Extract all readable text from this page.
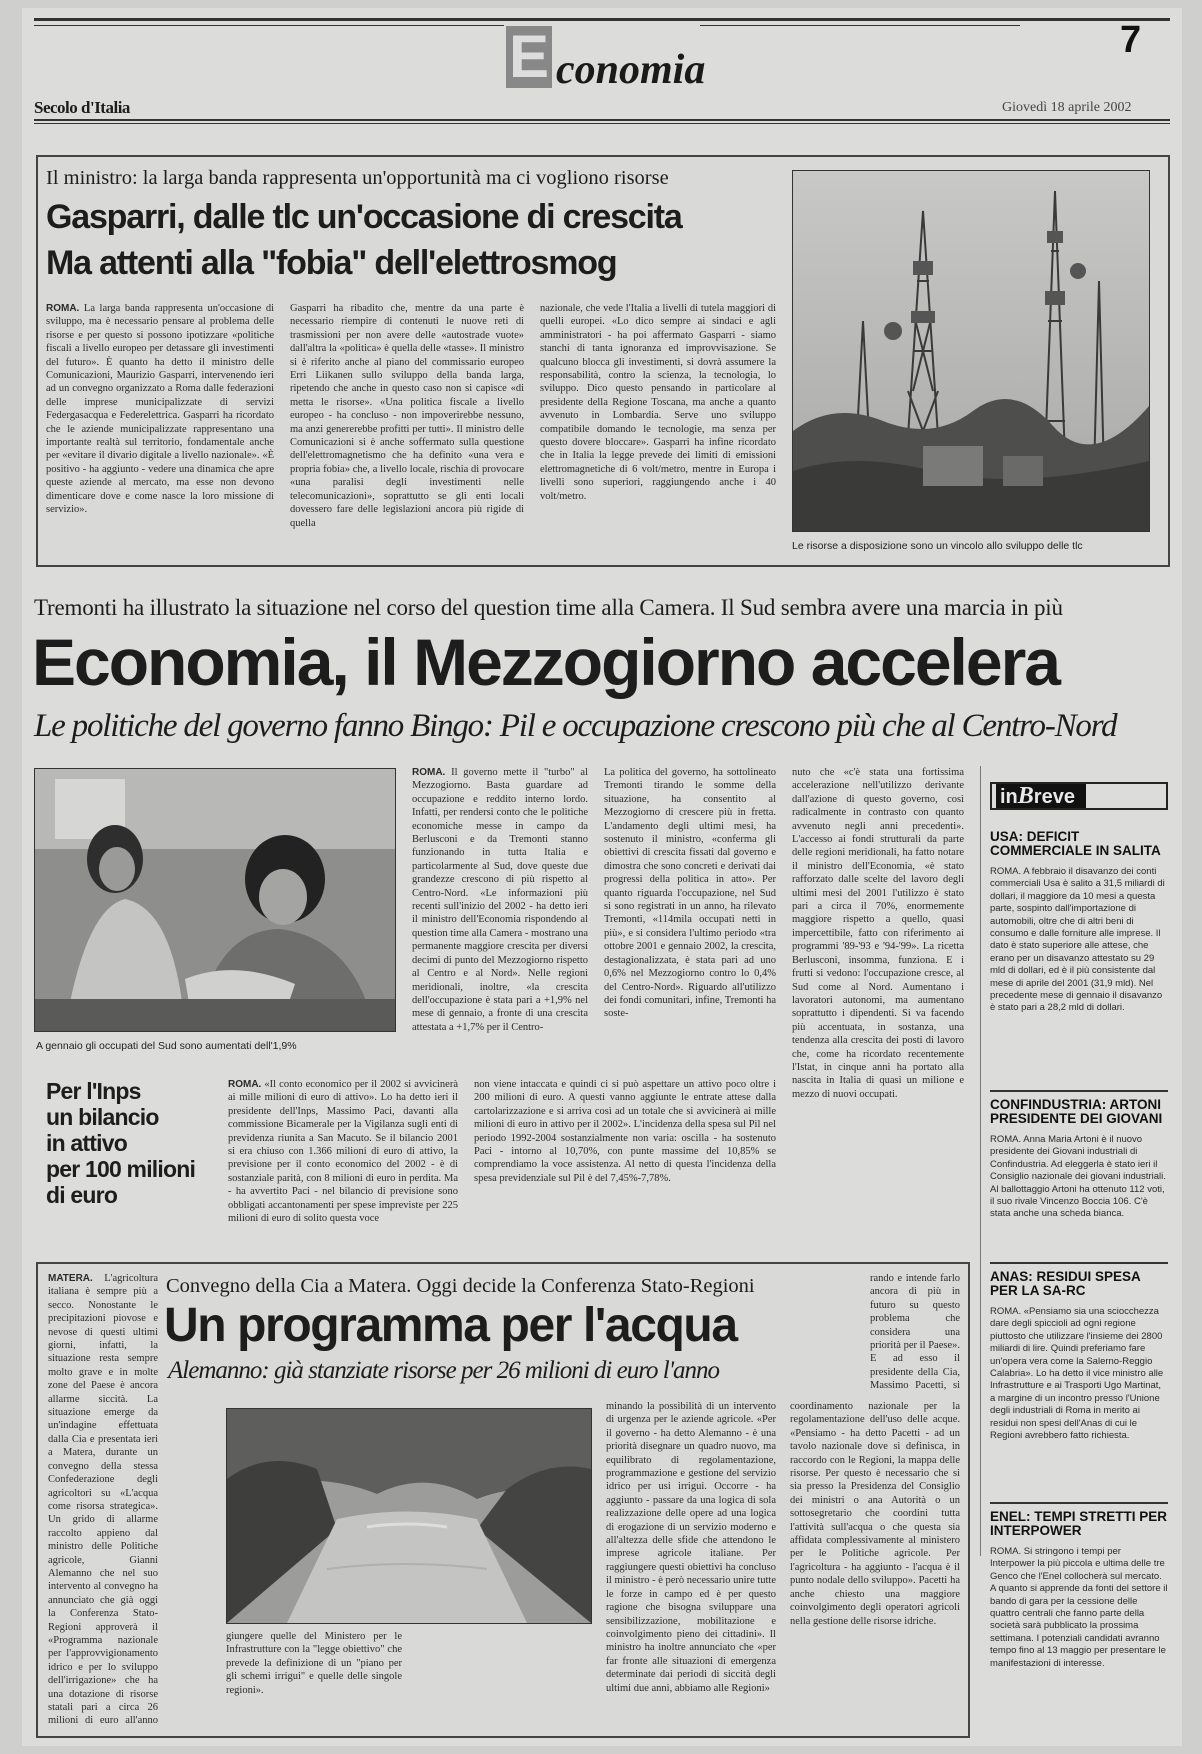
E conomia
7
Secolo d'Italia	Giovedì 18 aprile 2002
Il ministro: la larga banda rappresenta un'opportunità ma ci vogliono risorse
Gasparri, dalle tlc un'occasione di crescita
Ma attenti alla "fobia" dell'elettrosmog
ROMA. La larga banda rappresenta un'occasione di sviluppo, ma è necessario pensare al problema delle risorse e per questo si possono ipotizzare «politiche fiscali a livello europeo per detassare gli investimenti del futuro». È quanto ha detto il ministro delle Comunicazioni, Maurizio Gasparri, intervenendo ieri ad un convegno organizzato a Roma dalle federazioni delle imprese municipalizzate di servizi Federgasacqua e Federelettrica. Gasparri ha ricordato che le aziende municipalizzate rappresentano una importante realtà sul territorio, fondamentale anche per «evitare il divario digitale a livello nazionale». «È positivo - ha aggiunto - vedere una dinamica che apre queste aziende al mercato, ma esse non devono dimenticare dove e come nasce la loro missione di servizio».
Gasparri ha ribadito che, mentre da una parte è necessario riempire di contenuti le nuove reti di trasmissioni per non avere delle «autostrade vuote» dall'altra la «politica» è quella delle «tasse». Il ministro si è riferito anche al piano del commissario europeo Erri Liikanen sullo sviluppo della banda larga, ripetendo che anche in questo caso non si capisce «di metta le risorse». «Una politica fiscale a livello europeo - ha concluso - non impoverirebbe nessuno, ma anzi genererebbe profitti per tutti». Il ministro delle Comunicazioni si è anche soffermato sulla questione dell'elettromagnetismo che ha definito «una vera e propria fobia» che, a livello locale, rischia di provocare «una paralisi degli investimenti nelle telecomunicazioni», soprattutto se gli enti locali dovessero fare delle legislazioni ancora più rigide di quella
nazionale, che vede l'Italia a livelli di tutela maggiori di quelli europei. «Lo dico sempre ai sindaci e agli amministratori - ha poi affermato Gasparri - siamo stanchi di tanta ignoranza ed improvvisazione. Se qualcuno blocca gli investimenti, si dovrà assumere la responsabilità, contro la scienza, la tecnologia, lo sviluppo. Dico questo pensando in particolare al presidente della Regione Toscana, ma anche a quanto avvenuto in Lombardia. Serve uno sviluppo compatibile domando le tecnologie, ma senza per questo dovere bloccare». Gasparri ha infine ricordato che in Italia la legge prevede dei limiti di emissioni elettromagnetiche di 6 volt/metro, mentre in Europa i livelli sono superiori, raggiungendo anche i 40 volt/metro.
Le risorse a disposizione sono un vincolo allo sviluppo delle tlc
Tremonti ha illustrato la situazione nel corso del question time alla Camera. Il Sud sembra avere una marcia in più
Economia, il Mezzogiorno accelera
Le politiche del governo fanno Bingo: Pil e occupazione crescono più che al Centro-Nord
A gennaio gli occupati del Sud sono aumentati dell'1,9%
ROMA. Il governo mette il "turbo" al Mezzogiorno. Basta guardare ad occupazione e reddito interno lordo. Infatti, per rendersi conto che le politiche economiche messe in campo da Berlusconi e da Tremonti stanno funzionando in tutta Italia e particolarmente al Sud, dove queste due grandezze crescono di più rispetto al Centro-Nord. «Le informazioni più recenti sull'inizio del 2002 - ha detto ieri il ministro dell'Economia rispondendo al question time alla Camera - mostrano una permanente maggiore crescita per diversi decimi di punto del Mezzogiorno rispetto al Centro e al Nord». Nelle regioni meridionali, inoltre, «la crescita dell'occupazione è stata pari a +1,9% nel mese di gennaio, a fronte di una crescita attestata a +1,7% per il Centro-
La politica del governo, ha sottolineato Tremonti tirando le somme della situazione, ha consentito al Mezzogiorno di crescere più in fretta. L'andamento degli ultimi mesi, ha sostenuto il ministro, «conferma gli obiettivi di crescita fissati dal governo e dimostra che sono concreti e derivati dai progressi della politica in atto». Per quanto riguarda l'occupazione, nel Sud si sono registrati in un anno, ha rilevato Tremonti, «114mila occupati netti in più», e si considera l'ultimo periodo «tra ottobre 2001 e gennaio 2002, la crescita, destagionalizzata, è stata pari ad uno 0,6% nel Mezzogiorno contro lo 0,4% del Centro-Nord». Riguardo all'utilizzo dei fondi comunitari, infine, Tremonti ha soste-
nuto che «c'è stata una fortissima accelerazione nell'utilizzo derivante dall'azione di questo governo, così radicalmente in contrasto con quanto avvenuto negli anni precedenti». L'accesso ai fondi strutturali da parte delle regioni meridionali, ha fatto notare il ministro dell'Economia, «è stato rafforzato dalle scelte del lavoro degli ultimi mesi del 2001 l'utilizzo è stato pari a circa il 70%, enormemente maggiore rispetto a quello, quasi impercettibile, fatto con riferimento ai programmi '89-'93 e '94-'99». La ricetta Berlusconi, insomma, funziona. E i frutti si vedono: l'occupazione cresce, al Sud come al Nord. Aumentano i lavoratori autonomi, ma aumentano soprattutto i dipendenti. Si va facendo più accentuata, in sostanza, una tendenza alla crescita dei posti di lavoro che, come ha ricordato recentemente l'Istat, in cinque anni ha portato alla nascita in Italia di quasi un milione e mezzo di nuovi occupati.
Per l'Inps
un bilancio
in attivo
per 100 milioni
di euro
ROMA. «Il conto economico per il 2002 si avvicinerà ai mille milioni di euro di attivo». Lo ha detto ieri il presidente dell'Inps, Massimo Paci, davanti alla commissione Bicamerale per la Vigilanza sugli enti di previdenza riunita a San Macuto. Se il bilancio 2001 si era chiuso con 1.366 milioni di euro di attivo, la previsione per il conto economico del 2002 - è di sostanziale parità, con 8 milioni di euro in perdita. Ma - ha avvertito Paci - nel bilancio di previsione sono obbligati accantonamenti per spese impreviste per 225 milioni di euro di solito questa voce
non viene intaccata e quindi ci si può aspettare un attivo poco oltre i 200 milioni di euro. A questi vanno aggiunte le entrate attese dalla cartolarizzazione e si arriva così ad un totale che si avvicinerà ai mille milioni di euro in attivo per il 2002». L'incidenza della spesa sul Pil nel periodo 1992-2004 sostanzialmente non varia: oscilla - ha sostenuto Paci - intorno al 10,70%, con punte massime del 10,85% se comprendiamo la voce assistenza. Al netto di questa l'incidenza della spesa previdenziale sul Pil è del 7,45%-7,78%.
inBreve
USA: DEFICIT COMMERCIALE IN SALITA
ROMA. A febbraio il disavanzo dei conti commerciali Usa è salito a 31,5 miliardi di dollari, il maggiore da 10 mesi a questa parte, sospinto dall'importazione di automobili, oltre che di altri beni di consumo e dalle forniture alle imprese. Il dato è stato superiore alle attese, che erano per un disavanzo attestato su 29 mld di dollari, ed è il più consistente dal mese di aprile del 2001 (31,9 mld). Nel precedente mese di gennaio il disavanzo è stato pari a 28,2 mld di dollari.
CONFINDUSTRIA: ARTONI PRESIDENTE DEI GIOVANI
ROMA. Anna Maria Artoni è il nuovo presidente dei Giovani industriali di Confindustria. Ad eleggerla è stato ieri il Consiglio nazionale dei giovani industriali. Al ballottaggio Artoni ha ottenuto 112 voti, il suo rivale Vincenzo Boccia 106. C'è stata anche una scheda bianca.
ANAS: RESIDUI SPESA PER LA SA-RC
ROMA. «Pensiamo sia una sciocchezza dare degli spiccioli ad ogni regione piuttosto che utilizzare l'insieme dei 2800 miliardi di lire. Quindi preferiamo fare un'opera vera come la Salerno-Reggio Calabria». Lo ha detto il vice ministro alle Infrastrutture e ai Trasporti Ugo Martinat, a margine di un incontro presso l'Unione degli industriali di Roma in merito ai residui non spesi dell'Anas di cui le Regioni avrebbero fatto richiesta.
ENEL: TEMPI STRETTI PER INTERPOWER
ROMA. Si stringono i tempi per Interpower la più piccola e ultima delle tre Genco che l'Enel collocherà sul mercato. A quanto si apprende da fonti del settore il bando di gara per la cessione delle quattro centrali che fanno parte della società sarà pubblicato la prossima settimana. I potenziali candidati avranno tempo fino al 13 maggio per presentare le manifestazioni di interesse.
MATERA. L'agricoltura italiana è sempre più a secco. Nonostante le precipitazioni piovose e nevose di questi ultimi giorni, infatti, la situazione resta sempre molto grave e in molte zone del Paese è ancora allarme siccità. La situazione emerge da un'indagine effettuata dalla Cia e presentata ieri a Matera, durante un convegno della stessa Confederazione degli agricoltori su «L'acqua come risorsa strategica». Un grido di allarme raccolto appieno dal ministro delle Politiche agricole, Gianni Alemanno che nel suo intervento al convegno ha annunciato che già oggi la Conferenza Stato-Regioni approverà il «Programma nazionale per l'approvvigionamento idrico e per lo sviluppo dell'irrigazione» che ha una dotazione di risorse statali pari a circa 26 milioni di euro all'anno
Convegno della Cia a Matera. Oggi decide la Conferenza Stato-Regioni
Un programma per l'acqua
Alemanno: già stanziate risorse per 26 milioni di euro l'anno
rando e intende farlo ancora di più in futuro su questo problema che considera una priorità per il Paese». E ad esso il presidente della Cia, Massimo Pacetti, si
giungere quelle del Ministero per le Infrastrutture con la "legge obiettivo" che prevede la definizione di un "piano per gli schemi irrigui" e quelle delle singole regioni».
minando la possibilità di un intervento di urgenza per le aziende agricole. «Per il governo - ha detto Alemanno - è una priorità disegnare un quadro nuovo, ma equilibrato di regolamentazione, programmazione e gestione del servizio idrico per usi irrigui. Occorre - ha aggiunto - passare da una logica di sola realizzazione delle opere ad una logica di erogazione di un servizio moderno e all'altezza delle sfide che attendono le imprese agricole italiane. Per raggiungere questi obiettivi ha concluso il ministro - è però necessario unire tutte le forze in campo ed è per questo ragione che bisogna sviluppare una sensibilizzazione, mobilitazione e coinvolgimento pieno dei cittadini». Il ministro ha inoltre annunciato che «per far fronte alle situazioni di emergenza determinate dai periodi di siccità degli ultimi due anni, abbiamo alle Regioni»
coordinamento nazionale per la regolamentazione dell'uso delle acque. «Pensiamo - ha detto Pacetti - ad un tavolo nazionale dove si definisca, in raccordo con le Regioni, la mappa delle risorse. Per questo è necessario che si sia presso la Presidenza del Consiglio dei ministri o ana Autorità o un sottosegretario che coordini tutta l'attività sull'acqua o che questa sia affidata complessivamente al ministero per le Politiche agricole. Per l'agricoltura - ha aggiunto - l'acqua è il punto nodale dello sviluppo». Pacetti ha anche chiesto una maggiore coinvolgimento degli operatori agricoli nella gestione delle risorse idriche.
